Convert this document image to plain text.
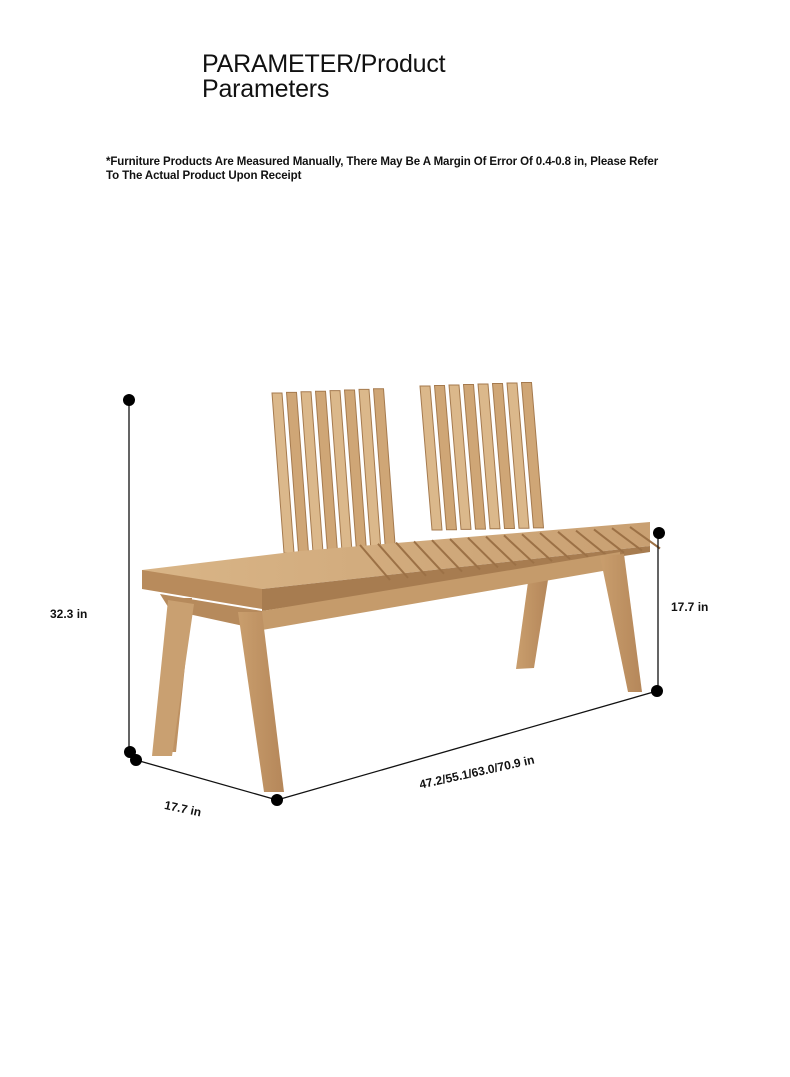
PARAMETER/Product
Parameters

*Furniture Products Are Measured Manually, There May Be A Margin Of Error Of 0.4-0.8 in, Please Refer
To The Actual Product Upon Receipt

32.3 in	17.7 in
17.7 in
47.2/55.1/63.0/70.9 in
